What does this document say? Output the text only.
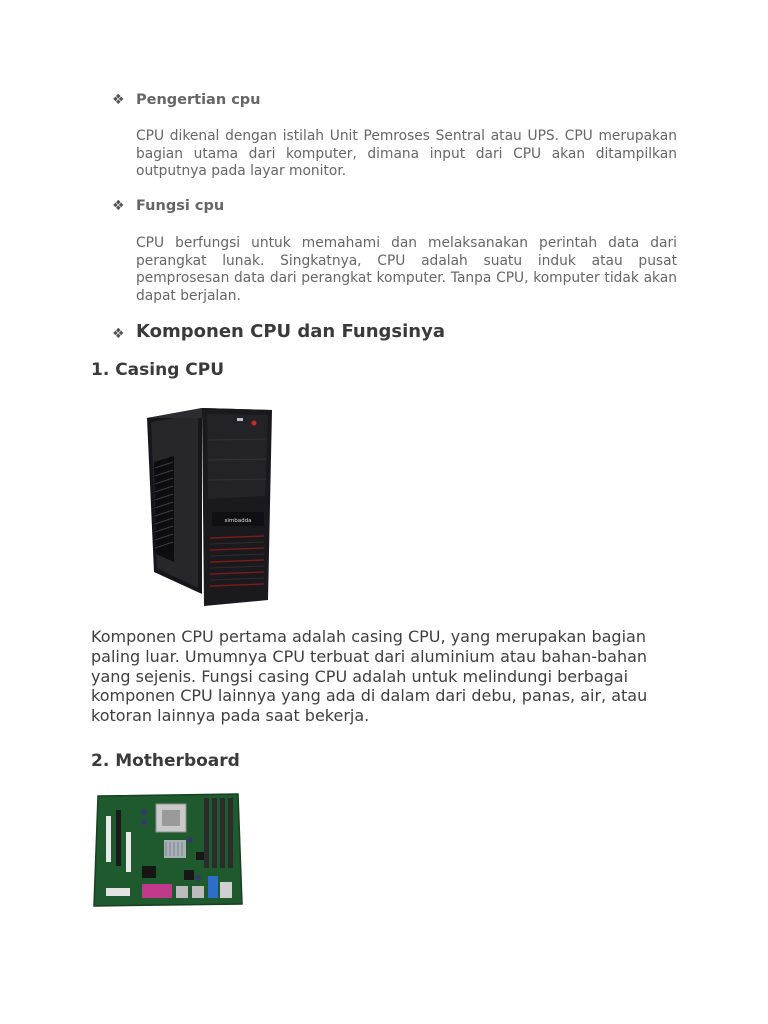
❖ Pengertian cpu

CPU dikenal dengan istilah Unit Pemroses Sentral atau UPS. CPU merupakan bagian utama dari komputer, dimana input dari CPU akan ditampilkan outputnya pada layar monitor.

❖ Fungsi cpu

CPU berfungsi untuk memahami dan melaksanakan perintah data dari perangkat lunak. Singkatnya, CPU adalah suatu induk atau pusat pemprosesan data dari perangkat komputer. Tanpa CPU, komputer tidak akan dapat berjalan.

❖ Komponen CPU dan Fungsinya
1. Casing CPU
simbadda

Komponen CPU pertama adalah casing CPU, yang merupakan bagian paling luar. Umumnya CPU terbuat dari aluminium atau bahan-bahan yang sejenis. Fungsi casing CPU adalah untuk melindungi berbagai komponen CPU lainnya yang ada di dalam dari debu, panas, air, atau kotoran lainnya pada saat bekerja.

2. Motherboard
